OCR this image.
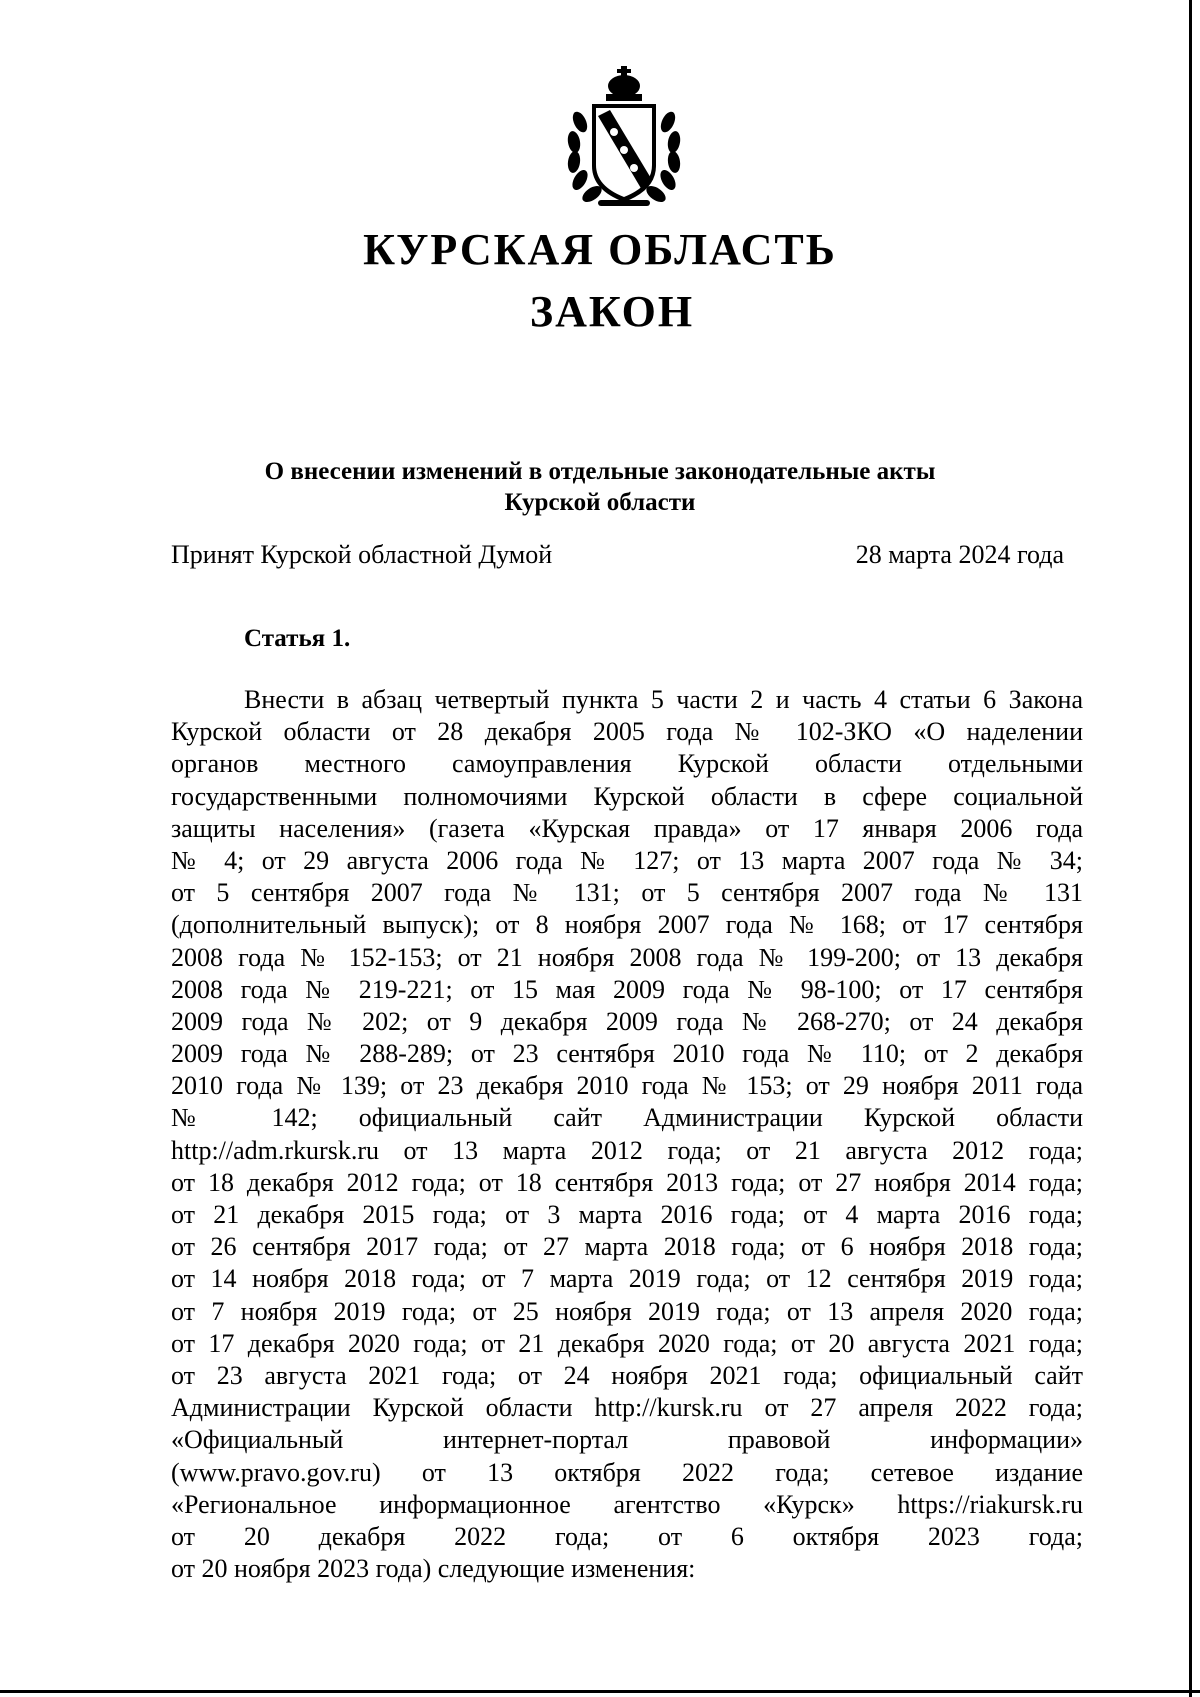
КУРСКАЯ ОБЛАСТЬ
ЗАКОН
О внесении изменений в отдельные законодательные акты
Курской области
Принят Курской областной Думой	28 марта 2024 года
Статья 1.
Внести в абзац четвертый пункта 5 части 2 и часть 4 статьи 6 Закона
Курской области от 28 декабря 2005 года № 102-ЗКО «О наделении
органов местного самоуправления Курской области отдельными
государственными полномочиями Курской области в сфере социальной
защиты населения» (газета «Курская правда» от 17 января 2006 года
№ 4; от 29 августа 2006 года № 127; от 13 марта 2007 года № 34;
от 5 сентября 2007 года № 131; от 5 сентября 2007 года № 131
(дополнительный выпуск); от 8 ноября 2007 года № 168; от 17 сентября
2008 года № 152-153; от 21 ноября 2008 года № 199-200; от 13 декабря
2008 года № 219-221; от 15 мая 2009 года № 98-100; от 17 сентября
2009 года № 202; от 9 декабря 2009 года № 268-270; от 24 декабря
2009 года № 288-289; от 23 сентября 2010 года № 110; от 2 декабря
2010 года № 139; от 23 декабря 2010 года № 153; от 29 ноября 2011 года
№ 142; официальный сайт Администрации Курской области
http://adm.rkursk.ru от 13 марта 2012 года; от 21 августа 2012 года;
от 18 декабря 2012 года; от 18 сентября 2013 года; от 27 ноября 2014 года;
от 21 декабря 2015 года; от 3 марта 2016 года; от 4 марта 2016 года;
от 26 сентября 2017 года; от 27 марта 2018 года; от 6 ноября 2018 года;
от 14 ноября 2018 года; от 7 марта 2019 года; от 12 сентября 2019 года;
от 7 ноября 2019 года; от 25 ноября 2019 года; от 13 апреля 2020 года;
от 17 декабря 2020 года; от 21 декабря 2020 года; от 20 августа 2021 года;
от 23 августа 2021 года; от 24 ноября 2021 года; официальный сайт
Администрации Курской области http://kursk.ru от 27 апреля 2022 года;
«Официальный интернет-портал правовой информации»
(www.pravo.gov.ru) от 13 октября 2022 года; сетевое издание
«Региональное информационное агентство «Курск» https://riakursk.ru
от 20 декабря 2022 года; от 6 октября 2023 года;
от 20 ноября 2023 года) следующие изменения:
